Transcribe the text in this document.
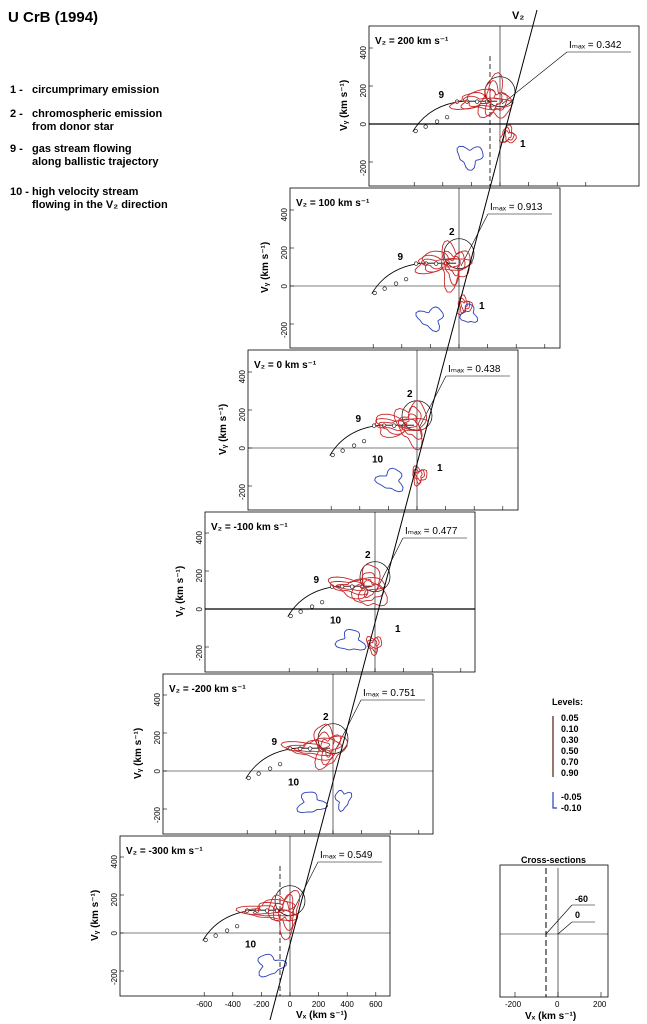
U CrB (1994)
1 - circumprimary emission
2 - chromospheric emission
from donor star
9 - gas stream flowing
along ballistic trajectory
10 - high velocity stream
flowing in the V₂ direction
400
200
0
-200
Vᵧ (km s⁻¹)
V₂ = 200 km s⁻¹	Iₘₐₓ = 0.342
9
1
400
200
0
-200
Vᵧ (km s⁻¹)
V₂ = 100 km s⁻¹	Iₘₐₓ = 0.913
9
2
1
400
200
0
-200
Vᵧ (km s⁻¹)
V₂ = 0 km s⁻¹	Iₘₐₓ = 0.438
9
2
10
1
400
200
0
-200
Vᵧ (km s⁻¹)
V₂ = -100 km s⁻¹	Iₘₐₓ = 0.477
9
2
10
1
400
200
0
-200
Vᵧ (km s⁻¹)
V₂ = -200 km s⁻¹	Iₘₐₓ = 0.751
9
2
10
400
200
0
-200
Vᵧ (km s⁻¹)
V₂ = -300 km s⁻¹	Iₘₐₓ = 0.549
10
-600 -400 -200 0 200 400 600
V₂
-60
0
-200	0	200
Vₓ (km s⁻¹)
Vₓ (km s⁻¹)
Levels:
0.05
0.10
0.30
0.50
0.70
0.90
-0.05
-0.10
Cross-sections
